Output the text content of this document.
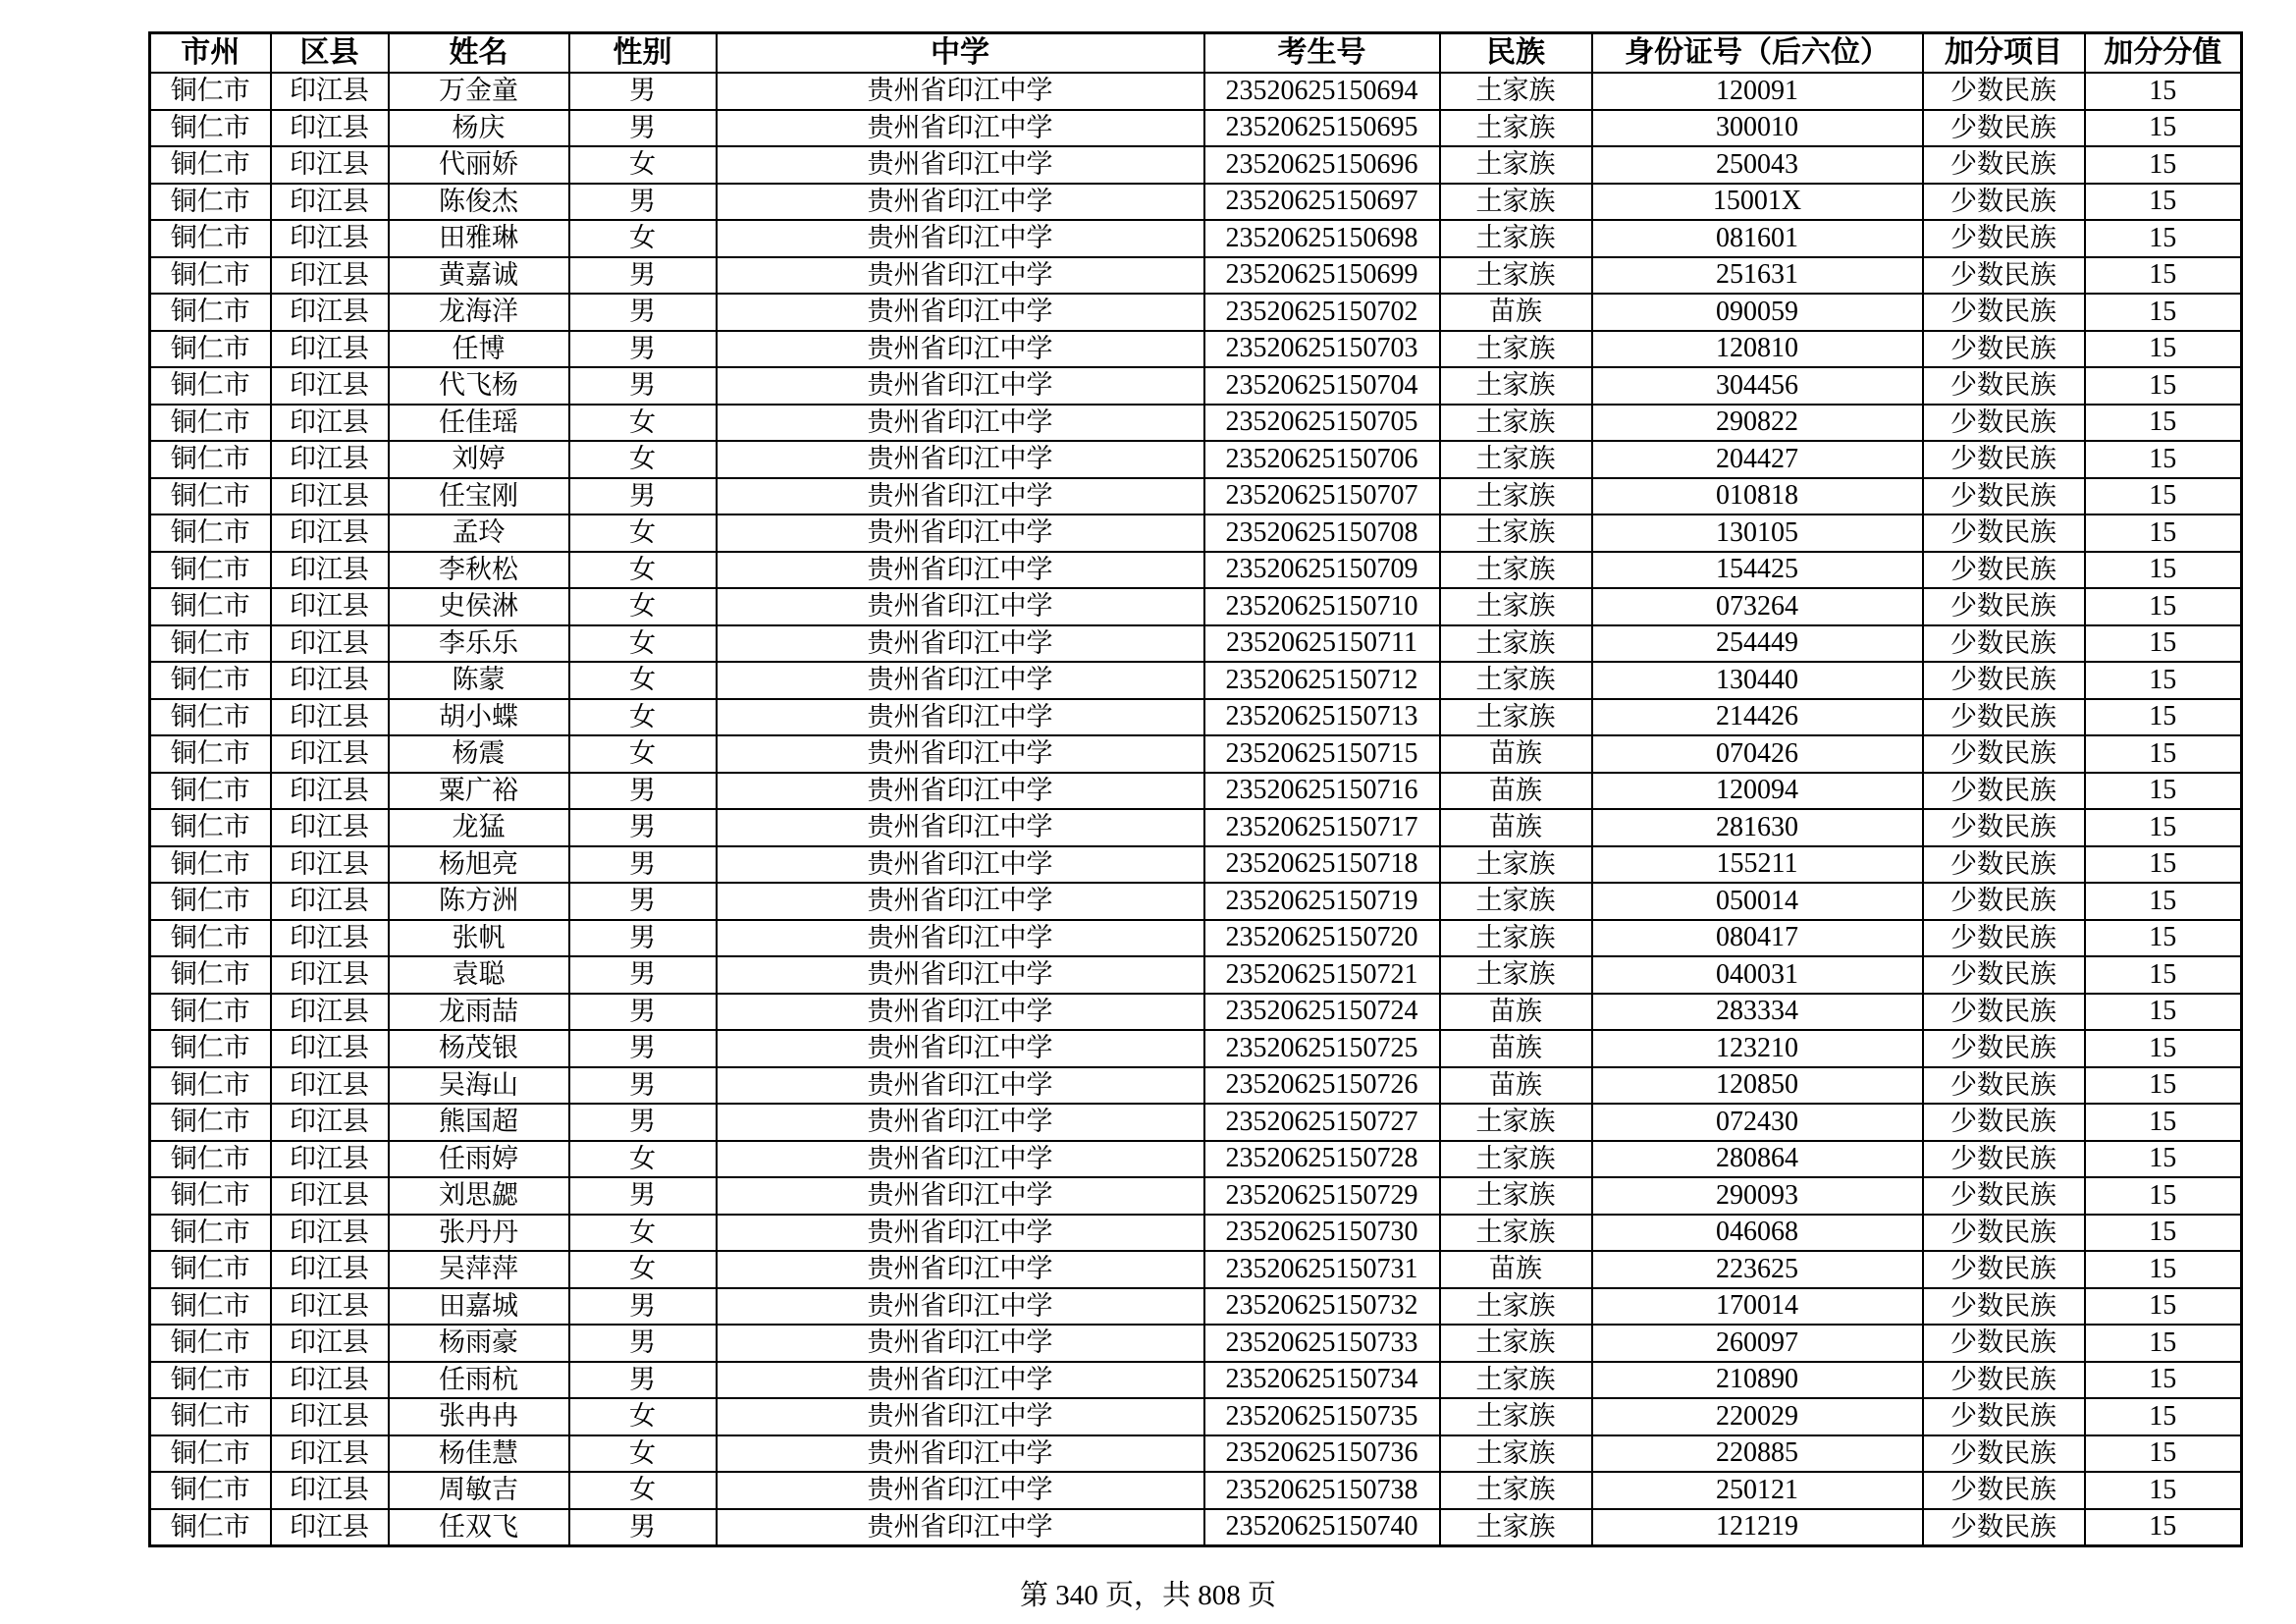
市州	区县	姓名	性别	中学	考生号	民族	身份证号（后六位）	加分项目	加分分值
铜仁市	印江县	万金童	男	贵州省印江中学	23520625150694	土家族	120091	少数民族	15
铜仁市	印江县	杨庆	男	贵州省印江中学	23520625150695	土家族	300010	少数民族	15
铜仁市	印江县	代丽娇	女	贵州省印江中学	23520625150696	土家族	250043	少数民族	15
铜仁市	印江县	陈俊杰	男	贵州省印江中学	23520625150697	土家族	15001X	少数民族	15
铜仁市	印江县	田雅琳	女	贵州省印江中学	23520625150698	土家族	081601	少数民族	15
铜仁市	印江县	黄嘉诚	男	贵州省印江中学	23520625150699	土家族	251631	少数民族	15
铜仁市	印江县	龙海洋	男	贵州省印江中学	23520625150702	苗族	090059	少数民族	15
铜仁市	印江县	任博	男	贵州省印江中学	23520625150703	土家族	120810	少数民族	15
铜仁市	印江县	代飞杨	男	贵州省印江中学	23520625150704	土家族	304456	少数民族	15
铜仁市	印江县	任佳瑶	女	贵州省印江中学	23520625150705	土家族	290822	少数民族	15
铜仁市	印江县	刘婷	女	贵州省印江中学	23520625150706	土家族	204427	少数民族	15
铜仁市	印江县	任宝刚	男	贵州省印江中学	23520625150707	土家族	010818	少数民族	15
铜仁市	印江县	孟玲	女	贵州省印江中学	23520625150708	土家族	130105	少数民族	15
铜仁市	印江县	李秋松	女	贵州省印江中学	23520625150709	土家族	154425	少数民族	15
铜仁市	印江县	史侯淋	女	贵州省印江中学	23520625150710	土家族	073264	少数民族	15
铜仁市	印江县	李乐乐	女	贵州省印江中学	23520625150711	土家族	254449	少数民族	15
铜仁市	印江县	陈蒙	女	贵州省印江中学	23520625150712	土家族	130440	少数民族	15
铜仁市	印江县	胡小蝶	女	贵州省印江中学	23520625150713	土家族	214426	少数民族	15
铜仁市	印江县	杨震	女	贵州省印江中学	23520625150715	苗族	070426	少数民族	15
铜仁市	印江县	粟广裕	男	贵州省印江中学	23520625150716	苗族	120094	少数民族	15
铜仁市	印江县	龙猛	男	贵州省印江中学	23520625150717	苗族	281630	少数民族	15
铜仁市	印江县	杨旭亮	男	贵州省印江中学	23520625150718	土家族	155211	少数民族	15
铜仁市	印江县	陈方洲	男	贵州省印江中学	23520625150719	土家族	050014	少数民族	15
铜仁市	印江县	张帆	男	贵州省印江中学	23520625150720	土家族	080417	少数民族	15
铜仁市	印江县	袁聪	男	贵州省印江中学	23520625150721	土家族	040031	少数民族	15
铜仁市	印江县	龙雨喆	男	贵州省印江中学	23520625150724	苗族	283334	少数民族	15
铜仁市	印江县	杨茂银	男	贵州省印江中学	23520625150725	苗族	123210	少数民族	15
铜仁市	印江县	吴海山	男	贵州省印江中学	23520625150726	苗族	120850	少数民族	15
铜仁市	印江县	熊国超	男	贵州省印江中学	23520625150727	土家族	072430	少数民族	15
铜仁市	印江县	任雨婷	女	贵州省印江中学	23520625150728	土家族	280864	少数民族	15
铜仁市	印江县	刘思勰	男	贵州省印江中学	23520625150729	土家族	290093	少数民族	15
铜仁市	印江县	张丹丹	女	贵州省印江中学	23520625150730	土家族	046068	少数民族	15
铜仁市	印江县	吴萍萍	女	贵州省印江中学	23520625150731	苗族	223625	少数民族	15
铜仁市	印江县	田嘉城	男	贵州省印江中学	23520625150732	土家族	170014	少数民族	15
铜仁市	印江县	杨雨豪	男	贵州省印江中学	23520625150733	土家族	260097	少数民族	15
铜仁市	印江县	任雨杭	男	贵州省印江中学	23520625150734	土家族	210890	少数民族	15
铜仁市	印江县	张冉冉	女	贵州省印江中学	23520625150735	土家族	220029	少数民族	15
铜仁市	印江县	杨佳慧	女	贵州省印江中学	23520625150736	土家族	220885	少数民族	15
铜仁市	印江县	周敏吉	女	贵州省印江中学	23520625150738	土家族	250121	少数民族	15
铜仁市	印江县	任双飞	男	贵州省印江中学	23520625150740	土家族	121219	少数民族	15
第 340 页，共 808 页
